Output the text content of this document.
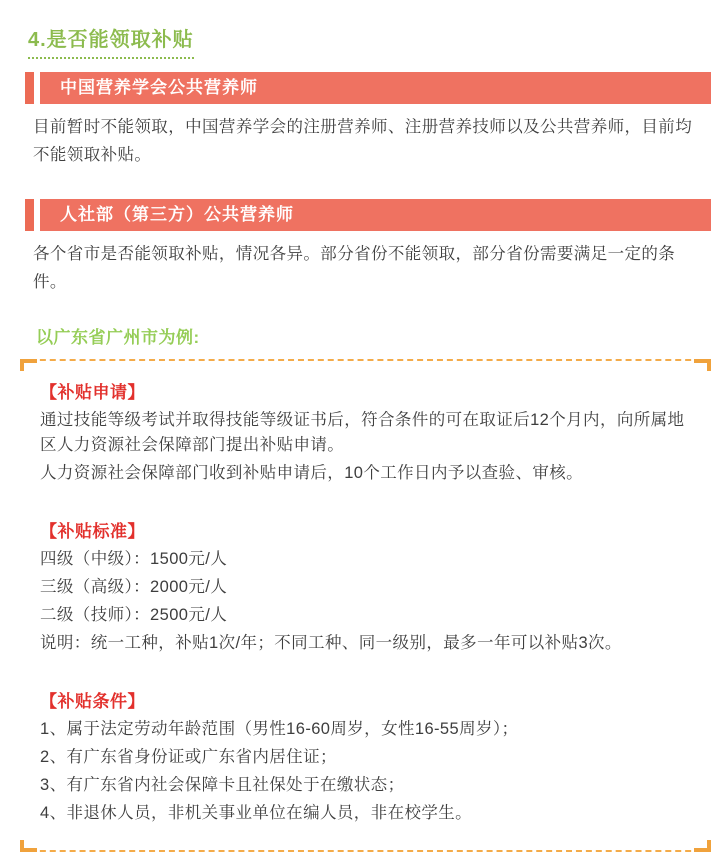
4.是否能领取补贴
中国营养学会公共营养师

目前暂时不能领取，中国营养学会的注册营养师、注册营养技师以及公共营养师，目前均不能领取补贴。

人社部（第三方）公共营养师

各个省市是否能领取补贴，情况各异。部分省份不能领取，部分省份需要满足一定的条件。

以广东省广州市为例:
【补贴申请】

通过技能等级考试并取得技能等级证书后，符合条件的可在取证后12个月内，向所属地区人力资源社会保障部门提出补贴申请。

人力资源社会保障部门收到补贴申请后，10个工作日内予以查验、审核。

【补贴标准】

四级（中级）：1500元/人

三级（高级）：2000元/人

二级（技师）：2500元/人

说明：统一工种，补贴1次/年；不同工种、同一级别，最多一年可以补贴3次。

【补贴条件】

1、属于法定劳动年龄范围（男性16-60周岁，女性16-55周岁）；

2、有广东省身份证或广东省内居住证；

3、有广东省内社会保障卡且社保处于在缴状态；

4、非退休人员，非机关事业单位在编人员，非在校学生。
